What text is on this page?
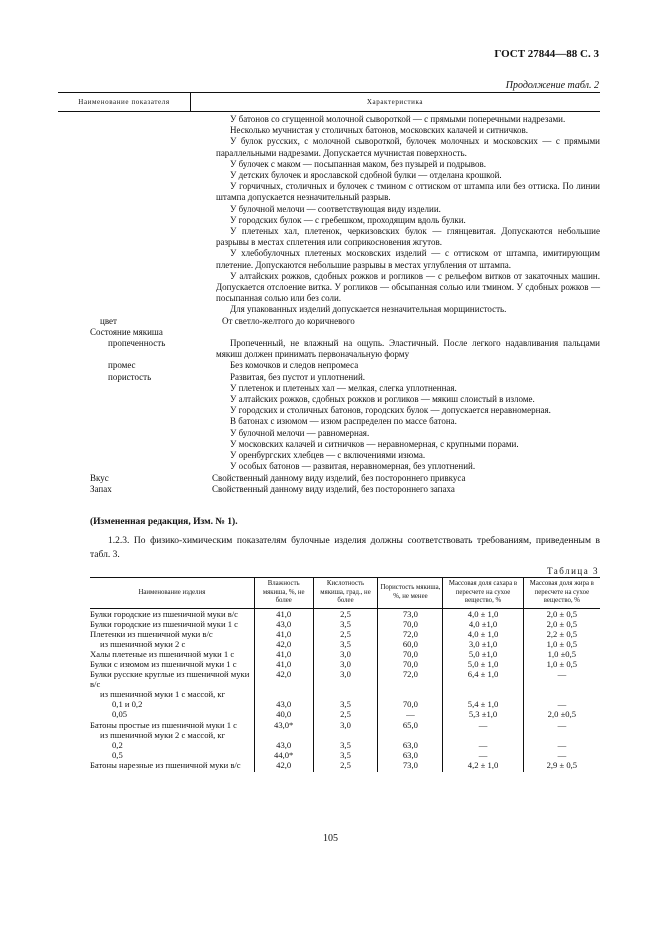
ГОСТ 27844—88 С. 3
Продолжение табл. 2
Наименование показателя	Характеристика
У батонов со сгущенной молочной сывороткой — с прямыми поперечными надрезами.
Несколько мучнистая у столичных батонов, московских калачей и ситничков.
У булок русских, с молочной сывороткой, булочек молочных и московских — с прямыми параллельными надрезами. Допускается мучнистая поверхность.
У булочек с маком — посыпанная маком, без пузырей и подрывов.
У детских булочек и ярославской сдобной булки — отделана крошкой.
У горчичных, столичных и булочек с тмином с оттиском от штампа или без оттиска. По линии штампа допускается незначительный разрыв.
У булочной мелочи — соответствующая виду изделии.
У городских булок — с гребешком, проходящим вдоль булки.
У плетеных хал, плетенок, черкизовских булок — глянцевитая. Допускаются небольшие разрывы в местах сплетения или соприкосновения жгутов.
У хлебобулочных плетеных московских изделий — с оттиском от штампа, имитирующим плетение. Допускаются небольшие разрывы в местах углубления от штампа.
У алтайских рожков, сдобных рожков и рогликов — с рельефом витков от закаточных машин. Допускается отслоение витка. У рогликов — обсыпанная солью или тмином. У сдобных рожков — посыпанная солью или без соли.
Для упакованных изделий допускается незначительная морщинистость.
цвет	От светло-желтого до коричневого
Состояние мякиша
пропеченность	Пропеченный, не влажный на ощупь. Эластичный. После легкого надавливания пальцами мякиш должен принимать первоначальную форму
промес	Без комочков и следов непромеса
пористость	Развитая, без пустот и уплотнений.
У плетенок и плетеных хал — мелкая, слегка уплотненная.
У алтайских рожков, сдобных рожков и рогликов — мякиш слоистый в изломе.
У городских и столичных батонов, городских булок — допускается неравномерная.
В батонах с изюмом — изюм распределен по массе батона.
У булочной мелочи — равномерная.
У московских калачей и ситничков — неравномерная, с крупными порами.
У оренбургских хлебцев — с включениями изюма.
У особых батонов — развитая, неравномерная, без уплотнений.
Вкус	Свойственный данному виду изделий, без постороннего привкуса
Запах	Свойственный данному виду изделий, без постороннего запаха
(Измененная редакция, Изм. № 1).
1.2.3. По физико-химическим показателям булочные изделия должны соответствовать требованиям, приведенным в табл. 3.
Таблица 3
Наименование изделия	Влажность мякиша, %, не более	Кислотность мякиша, град., не более	Пористость мякиша, %, не менее	Массовая доля сахара в пересчете на сухое вещество, %	Массовая доля жира в пересчете на сухое вещество, %
Булки городские из пшеничной муки в/с	41,0	2,5	73,0	4,0 ± 1,0	2,0 ± 0,5
Булки городские из пшеничной муки 1 с	43,0	3,5	70,0	4,0 ±1,0	2,0 ± 0,5
Плетенки из пшеничной муки в/с	41,0	2,5	72,0	4,0 ± 1,0	2,2 ± 0,5
из пшеничной муки 2 с	42,0	3,5	60,0	3,0 ±1,0	1,0 ± 0,5
Халы плетеные из пшеничной муки 1 с	41,0	3,0	70,0	5,0 ±1,0	1,0 ±0,5
Булки с изюмом из пшеничной муки 1 с	41,0	3,0	70,0	5,0 ± 1,0	1,0 ± 0,5
Булки русские круглые из пшеничной муки в/с	42,0	3,0	72,0	6,4 ± 1,0	—
из пшеничной муки 1 с массой, кг					
0,1 и 0,2	43,0	3,5	70,0	5,4 ± 1,0	—
0,05	40,0	2,5	—	5,3 ±1,0	2,0 ±0,5
Батоны простые из пшеничной муки 1 с	43,0*	3,0	65,0	—	—
из пшеничной муки 2 с массой, кг					
0,2	43,0	3,5	63,0	—	—
0,5	44,0*	3,5	63,0	—	—
Батоны нарезные из пшеничной муки в/с	42,0	2,5	73,0	4,2 ± 1,0	2,9 ± 0,5
105
